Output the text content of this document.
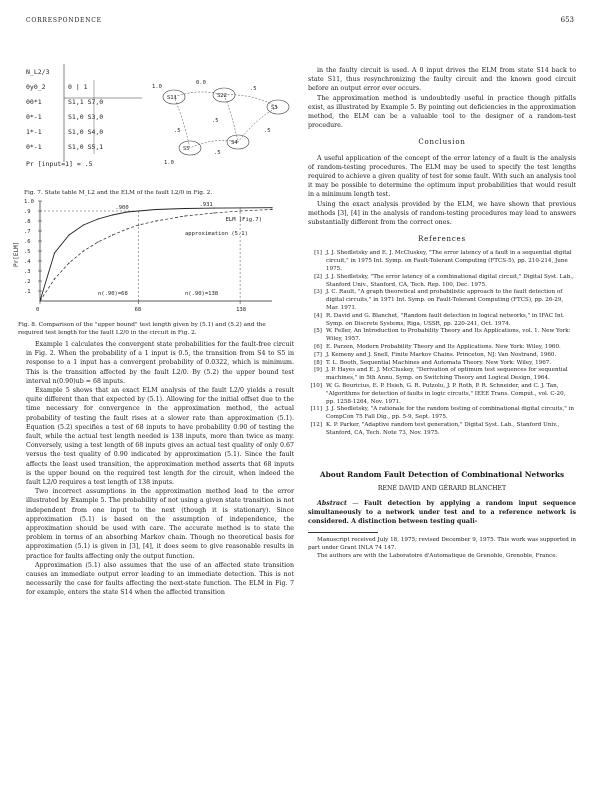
CORRESPONDENCE	653
N_L2/3
0y0_2	0 | 1
00*1	S1,1 S7,0
0*-1	S1,0 S3,0
1*-1	S1,0 S4,0
0*-1	S1,0 S5,1
Pr [input=1] = .5
S11	S22
S3
S4
S5
1.0
0.0
.5
.5
.5
.5
.5
1.0
Fig. 7. State table M_L2 and the ELM of the fault L2/0 in Fig. 2.
1.0
.9
.8
.7
.6
.5
.4
.3
.2
.1
0	68	138
Pr[ELM]
.900
.931
ELM (Fig.7)
approximation (5.1)
n(.90)=68	n(.90)=138
Fig. 8. Comparison of the "upper bound" test length given by (5.1) and (5.2) and the required test length for the fault L2/0 in the circuit in Fig. 2.

Example 1 calculates the convergent state probabilities for the fault-free circuit in Fig. 2. When the probability of a 1 input is 0.5, the transition from S4 to S5 in response to a 1 input has a convergent probability of 0.0322, which is minimum. This is the transition affected by the fault L2/0. By (5.2) the upper bound test interval n(0.90)ub = 68 inputs.

Example 5 shows that an exact ELM analysis of the fault L2/0 yields a result quite different than that expected by (5.1). Allowing for the initial offset due to the time necessary for convergence in the approximation method, the actual probability of testing the fault rises at a slower rate than approximation (5.1). Equation (5.2) specifies a test of 68 inputs to have probability 0.90 of testing the fault, while the actual test length needed is 138 inputs, more than twice as many. Conversely, using a test length of 68 inputs gives an actual test quality of only 0.67 versus the test quality of 0.90 indicated by approximation (5.1). Since the fault affects the least used transition, the approximation method asserts that 68 inputs is the upper bound on the required test length for the circuit, when indeed the fault L2/0 requires a test length of 138 inputs.

Two incorrect assumptions in the approximation method lead to the error illustrated by Example 5. The probability of not using a given state transition is not independent from one input to the next (though it is stationary). Since approximation (5.1) is based on the assumption of independence, the approximation should be used with care. The accurate method is to state the problem in terms of an absorbing Markov chain. Though no theoretical basis for approximation (5.1) is given in [3], [4], it does seem to give reasonable results in practice for faults affecting only the output function.

Approximation (5.1) also assumes that the use of an affected state transition causes an immediate output error leading to an immediate detection. This is not necessarily the case for faults affecting the next-state function. The ELM in Fig. 7 for example, enters the state S14 when the affected transition

in the faulty circuit is used. A 0 input drives the ELM from state S14 back to state S11, thus resynchronizing the faulty circuit and the known good circuit before an output error ever occurs.

The approximation method is undoubtedly useful in practice though pitfalls exist, as illustrated by Example 5. By pointing out deficiencies in the approximation method, the ELM can be a valuable tool to the designer of a random-test procedure.

Conclusion

A useful application of the concept of the error latency of a fault is the analysis of random-testing procedures. The ELM may be used to specify the test lengths required to achieve a given quality of test for some fault. With such an analysis tool it may be possible to determine the optimum input probabilities that would result in a minimum length test.

Using the exact analysis provided by the ELM, we have shown that previous methods [3], [4] in the analysis of random-testing procedures may lead to answers substantially different from the correct ones.

References
[1] J. J. Shedletsky and E. J. McCluskey, "The error latency of a fault in a sequential digital circuit," in 1975 Int. Symp. on Fault-Tolerant Computing (FTCS-5), pp. 210-214, June 1975.
[2] J. J. Shedletsky, "The error latency of a combinational digital circuit," Digital Syst. Lab., Stanford Univ., Stanford, CA, Tech. Rep. 100, Dec. 1975.
[3] J. C. Rault, "A graph theoretical and probabilistic approach to the fault detection of digital circuits," in 1971 Int. Symp. on Fault-Tolerant Computing (FTCS), pp. 26-29, Mar. 1971.
[4] R. David and G. Blanchet, "Random fault detection in logical networks," in IFAC Int. Symp. on Discrete Systems, Riga, USSR, pp. 220-241, Oct. 1974.
[5] W. Feller, An Introduction to Probability Theory and Its Applications, vol. 1. New York: Wiley, 1957.
[6] E. Parzen, Modern Probability Theory and Its Applications. New York: Wiley, 1960.
[7] J. Kemeny and J. Snell, Finite Markov Chains. Princeton, NJ: Van Nostrand, 1960.
[8] T. L. Booth, Sequential Machines and Automata Theory. New York: Wiley, 1967.
[9] J. P. Hayes and E. J. McCluskey, "Derivation of optimum test sequences for sequential machines," in 5th Annu. Symp. on Switching Theory and Logical Design, 1964.
[10] W. G. Bouricius, E. P. Hsieh, G. R. Putzolu, J. P. Roth, P. R. Schneider, and C. J. Tan, "Algorithms for detection of faults in logic circuits," IEEE Trans. Comput., vol. C-20, pp. 1258-1264, Nov. 1971.
[11] J. J. Shedletsky, "A rationale for the random testing of combinational digital circuits," in CompCon 75 Fall Dig., pp. 5-9, Sept. 1975.
[12] K. P. Parker, "Adaptive random test generation," Digital Syst. Lab., Stanford Univ., Stanford, CA, Tech. Note 73, Nov. 1975.
About Random Fault Detection of Combinational Networks
RENÉ DAVID AND GÉRARD BLANCHET

Abstract — Fault detection by applying a random input sequence simultaneously to a network under test and to a reference network is considered. A distinction between testing quali-

Manuscript received July 18, 1975; revised December 9, 1975. This work was supported in part under Grant INLA 74 147.
The authors are with the Laboratoire d'Automatique de Grenoble, Grenoble, France.
